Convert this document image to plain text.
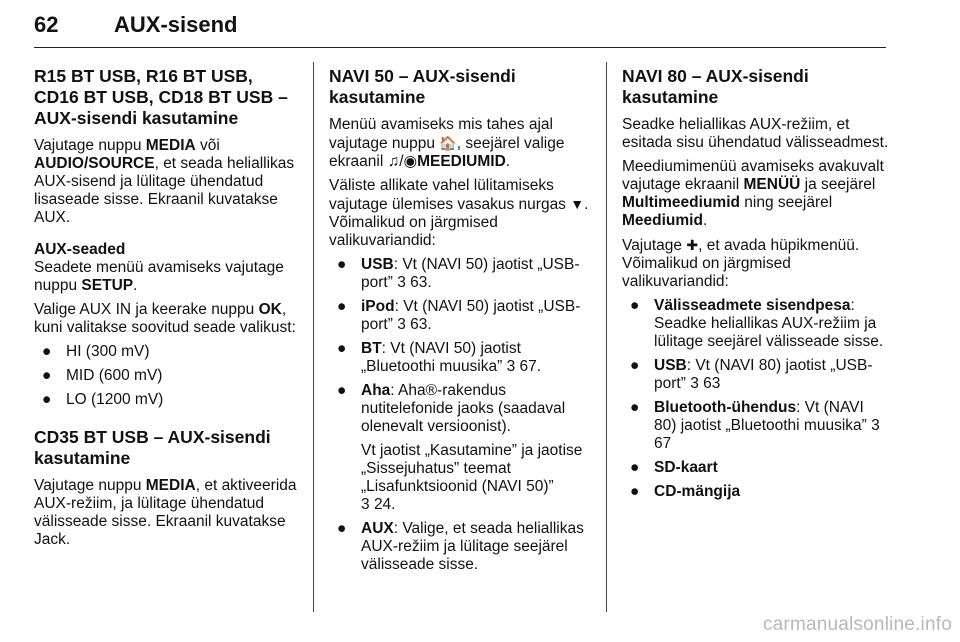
62	AUX-sisend
R15 BT USB, R16 BT USB, CD16 BT USB, CD18 BT USB – AUX-sisendi kasutamine

Vajutage nuppu MEDIA või
AUDIO/SOURCE, et seada heliallikas AUX-sisend ja lülitage ühendatud lisaseade sisse. Ekraanil kuvatakse AUX.

AUX-seaded

Seadete menüü avamiseks vajutage nuppu SETUP.

Valige AUX IN ja keerake nuppu OK, kuni valitakse soovitud seade valikust:

● HI (300 mV)
● MID (600 mV)
● LO (1200 mV)
CD35 BT USB – AUX-sisendi kasutamine

Vajutage nuppu MEDIA, et aktiveerida AUX-režiim, ja lülitage ühendatud välisseade sisse. Ekraanil kuvatakse Jack.

NAVI 50 – AUX-sisendi kasutamine

Menüü avamiseks mis tahes ajal vajutage nuppu 🏠, seejärel valige ekraanil ♫/◉MEEDIUMID.

Väliste allikate vahel lülitamiseks vajutage ülemises vasakus nurgas ▼. Võimalikud on järgmised valikuvariandid:

● USB: Vt (NAVI 50) jaotist „USB-port” 3 63.
● iPod: Vt (NAVI 50) jaotist „USB-port” 3 63.
● BT: Vt (NAVI 50) jaotist „Bluetoothi muusika” 3 67.
● Aha: Aha®-rakendus nutitelefonide jaoks (saadaval olenevalt versioonist).

Vt jaotist „Kasutamine” ja jaotise „Sissejuhatus” teemat „Lisafunktsioonid (NAVI 50)”
3 24.

● AUX: Valige, et seada heliallikas AUX-režiim ja lülitage seejärel välisseade sisse.
NAVI 80 – AUX-sisendi kasutamine

Seadke heliallikas AUX-režiim, et esitada sisu ühendatud välisseadmest.

Meediumimenüü avamiseks avakuvalt vajutage ekraanil MENÜÜ ja seejärel Multimeediumid ning seejärel Meediumid.

Vajutage ✚, et avada hüpikmenüü. Võimalikud on järgmised valikuvariandid:

● Välisseadmete sisendpesa: Seadke heliallikas AUX-režiim ja lülitage seejärel välisseade sisse.
● USB: Vt (NAVI 80) jaotist „USB-port” 3 63
● Bluetooth-ühendus: Vt (NAVI 80) jaotist „Bluetoothi muusika” 3 67
● SD-kaart
● CD-mängija
carmanualsonline.info
